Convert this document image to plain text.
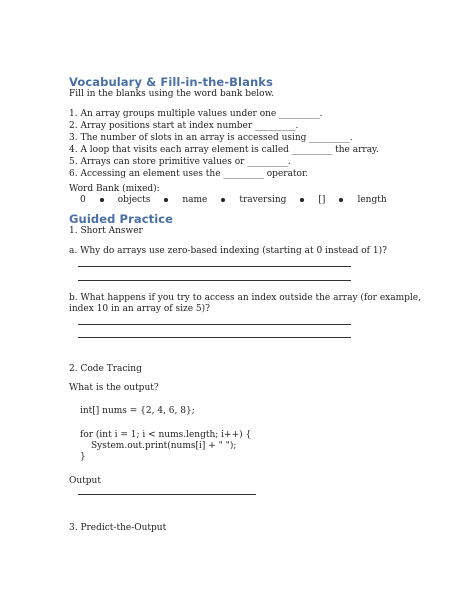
Vocabulary & Fill-in-the-Blanks
Fill in the blanks using the word bank below.
1. An array groups multiple values under one _________.
2. Array positions start at index number _________.
3. The number of slots in an array is accessed using _________.
4. A loop that visits each array element is called _________ the array.
5. Arrays can store primitive values or _________.
6. Accessing an element uses the _________ operator.
Word Bank (mixed):
0	objects	name	traversing	[]	length
Guided Practice
1. Short Answer
a. Why do arrays use zero-based indexing (starting at 0 instead of 1)?
b. What happens if you try to access an index outside the array (for example,
index 10 in an array of size 5)?
2. Code Tracing
What is the output?
int[] nums = {2, 4, 6, 8};
for (int i = 1; i < nums.length; i++) {
System.out.print(nums[i] + " ");
}
Output
3. Predict-the-Output
